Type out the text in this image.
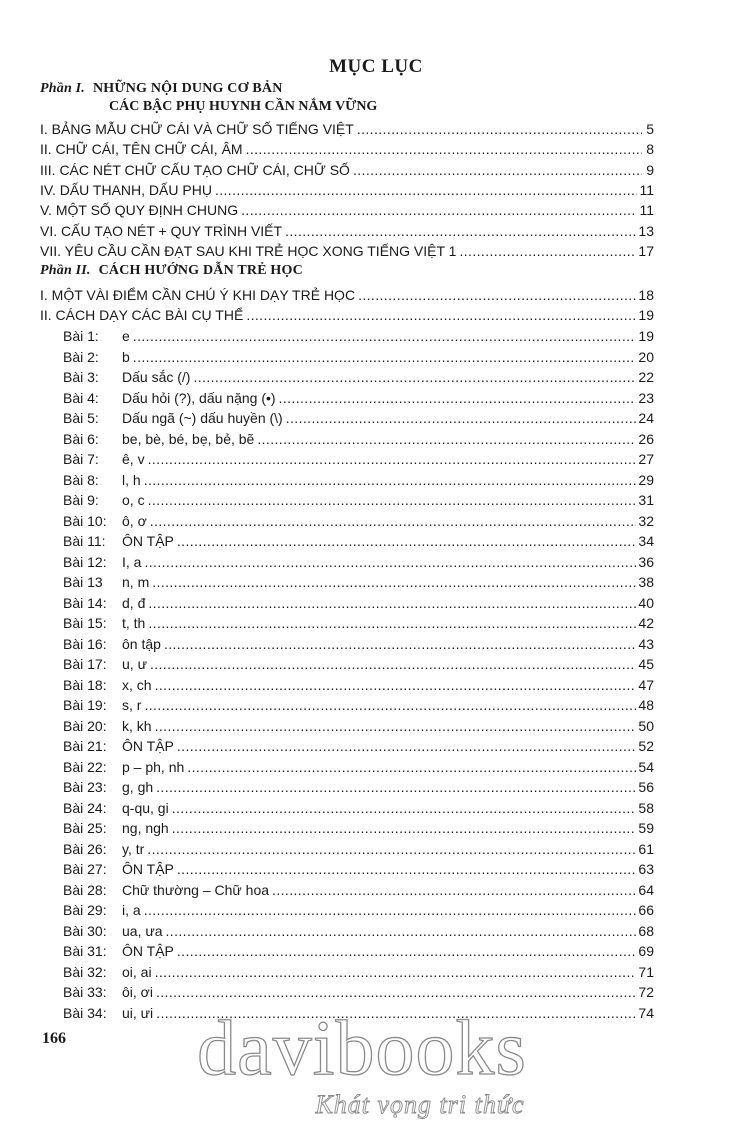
MỤC LỤC
Phần I. NHỮNG NỘI DUNG CƠ BẢN
CÁC BẬC PHỤ HUYNH CẦN NẮM VỮNG
I. BẢNG MẪU CHỮ CÁI VÀ CHỮ SỐ TIẾNG VIỆT .....	5
II. CHỮ CÁI, TÊN CHỮ CÁI, ÂM .....	8
III. CÁC NÉT CHỮ CẤU TẠO CHỮ CÁI, CHỮ SỐ .....	9
IV. DẤU THANH, DẤU PHỤ .....	11
V. MỘT SỐ QUY ĐỊNH CHUNG .....	11
VI. CẤU TẠO NÉT + QUY TRÌNH VIẾT .....	13
VII. YÊU CẦU CẦN ĐẠT SAU KHI TRẺ HỌC XONG TIẾNG VIỆT 1 .....	17
Phần II. CÁCH HƯỚNG DẪN TRẺ HỌC
I. MỘT VÀI ĐIỂM CẦN CHÚ Ý KHI DẠY TRẺ HỌC .....	18
II. CÁCH DẠY CÁC BÀI CỤ THỂ .....	19
Bài 1:	e .....	19
Bài 2:	b .....	20
Bài 3:	Dấu sắc (/) .....	22
Bài 4:	Dấu hỏi (?), dấu nặng (•) .....	23
Bài 5:	Dấu ngã (~) dấu huyền (\) .....	24
Bài 6:	be, bè, bé, bẹ, bẻ, bẽ .....	26
Bài 7:	ê, v .....	27
Bài 8:	l, h .....	29
Bài 9:	o, c .....	31
Bài 10:	ô, ơ .....	32
Bài 11:	ÔN TẬP .....	34
Bài 12:	I, a .....	36
Bài 13	n, m .....	38
Bài 14:	d, đ .....	40
Bài 15:	t, th .....	42
Bài 16:	ôn tập .....	43
Bài 17:	u, ư .....	45
Bài 18:	x, ch .....	47
Bài 19:	s, r .....	48
Bài 20:	k, kh .....	50
Bài 21:	ÔN TẬP .....	52
Bài 22:	p – ph, nh .....	54
Bài 23:	g, gh .....	56
Bài 24:	q-qu, gi .....	58
Bài 25:	ng, ngh .....	59
Bài 26:	y, tr .....	61
Bài 27:	ÔN TẬP .....	63
Bài 28:	Chữ thường – Chữ hoa .....	64
Bài 29:	i, a .....	66
Bài 30:	ua, ưa .....	68
Bài 31:	ÔN TẬP .....	69
Bài 32:	oi, ai .....	71
Bài 33:	ôi, ơi .....	72
Bài 34:	ui, ưi .....	74
166	davibooks
Khát vọng tri thức
